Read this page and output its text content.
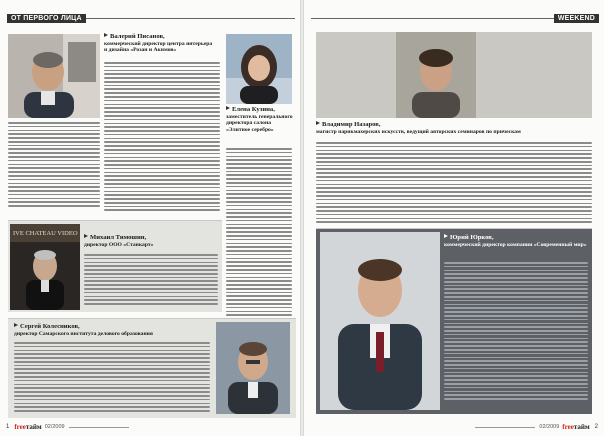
ОТ ПЕРВОГО ЛИЦА
Валерий Писанов,
коммерческий директор центра интерьера и дизайна «Розан и Акимов»
Елена Кузина,
заместитель генерального директора салона «Элитное серебро»
IVE CHATEAU VIDEO
Михаил Тимошин,
директор ООО «Станкарт»
Сергей Колесников,
директор Самарского института делового образования
1 freeтайм 02/2009
WEEKEND
Владимир Назаров,
магистр парикмахерских искусств, ведущий авторских семинаров по прическам
Юрий Юрков,
коммерческий директор компании «Современный мир»
02/2009 freeтайм 2
